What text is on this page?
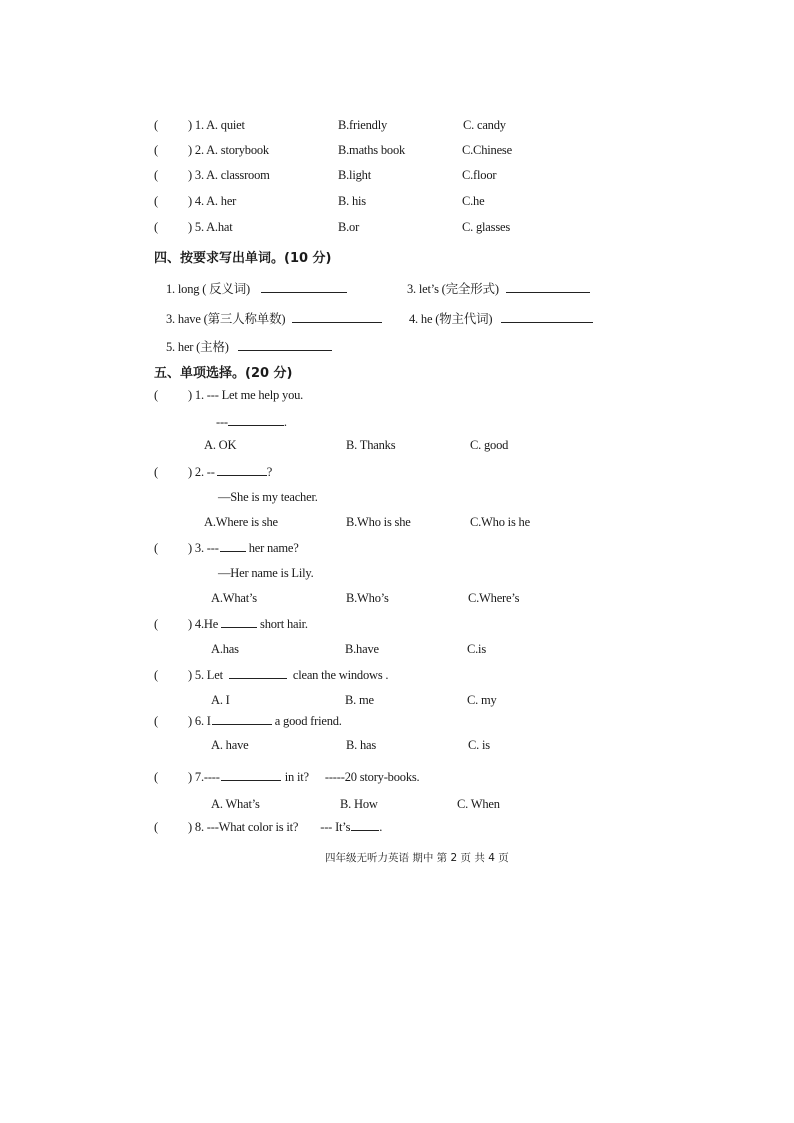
( ) 1. A. quiet	B.friendly	C. candy
( ) 2. A. storybook	B.maths book	C.Chinese
( ) 3. A. classroom	B.light	C.floor
( ) 4. A. her	B. his	C.he
( ) 5. A.hat	B.or	C. glasses
四、按要求写出单词。(10 分)
1. long ( 反义词)	3. let’s (完全形式)
3. have (第三人称单数)	4. he (物主代词)
5. her (主格)
五、单项选择。(20 分)
( ) 1. --- Let me help you.
---	.
A. OK	B. Thanks	C. good
( ) 2. --	?
—She is my teacher.
A.Where is she	B.Who is she	C.Who is he
( ) 3. --- her name?
—Her name is Lily.
A.What’s	B.Who’s	C.Where’s
( ) 4.He	short hair.
A.has	B.have	C.is
( ) 5. Let	clean the windows .
A. I	B. me	C. my
( ) 6. I	a good friend.
A. have	B. has	C. is
( ) 7.----	in it? -----20 story-books.
A. What’s	B. How	C. When
( ) 8. ---What color is it? --- It’s .
四年级无听力英语 期中 第 2 页 共 4 页
